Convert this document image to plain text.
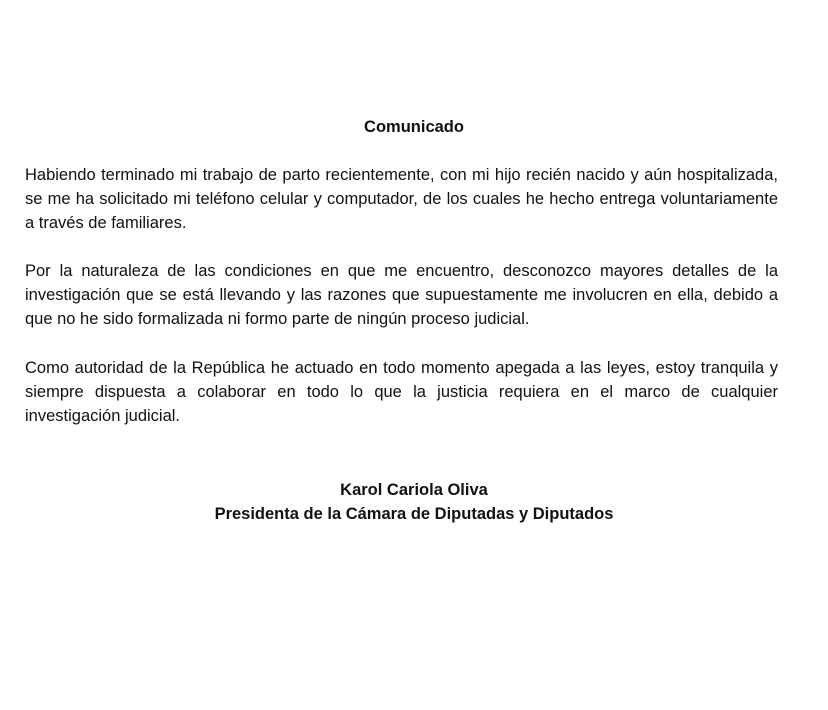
Comunicado

Habiendo terminado mi trabajo de parto recientemente, con mi hijo recién nacido y aún hospitalizada, se me ha solicitado mi teléfono celular y computador, de los cuales he hecho entrega voluntariamente a través de familiares.

Por la naturaleza de las condiciones en que me encuentro, desconozco mayores detalles de la investigación que se está llevando y las razones que supuestamente me involucren en ella, debido a que no he sido formalizada ni formo parte de ningún proceso judicial.

Como autoridad de la República he actuado en todo momento apegada a las leyes, estoy tranquila y siempre dispuesta a colaborar en todo lo que la justicia requiera en el marco de cualquier investigación judicial.

Karol Cariola Oliva

Presidenta de la Cámara de Diputadas y Diputados
